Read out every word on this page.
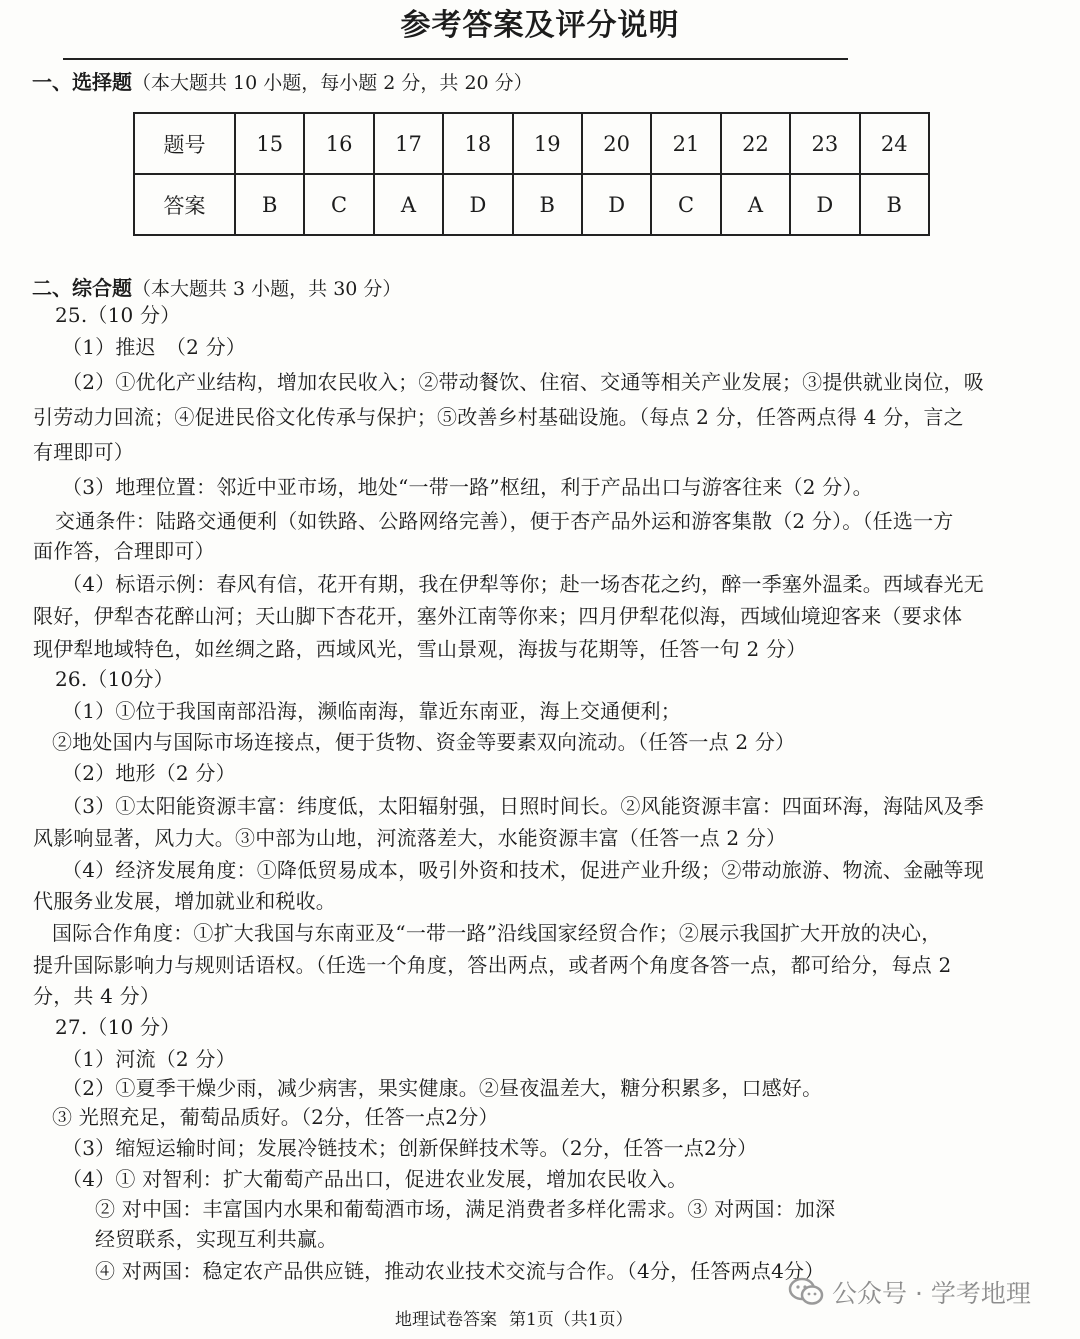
参考答案及评分说明
一、选择题（本大题共 10 小题，每小题 2 分，共 20 分）
题号	15	16	17	18	19	20	21	22	23	24
答案	B	C	A	D	B	D	C	A	D	B
二、综合题（本大题共 3 小题，共 30 分）
25.（10 分）
（1）推迟　（2 分）
（2）①优化产业结构，增加农民收入；②带动餐饮、住宿、交通等相关产业发展；③提供就业岗位，吸
引劳动力回流；④促进民俗文化传承与保护；⑤改善乡村基础设施。（每点 2 分，任答两点得 4 分，言之
有理即可）
（3）地理位置：邻近中亚市场，地处“一带一路”枢纽，利于产品出口与游客往来（2 分）。
交通条件：陆路交通便利（如铁路、公路网络完善），便于杏产品外运和游客集散（2 分）。（任选一方
面作答，合理即可）
（4）标语示例：春风有信，花开有期，我在伊犁等你；赴一场杏花之约，醉一季塞外温柔。西域春光无
限好，伊犁杏花醉山河；天山脚下杏花开，塞外江南等你来；四月伊犁花似海，西域仙境迎客来（要求体
现伊犁地域特色，如丝绸之路，西域风光，雪山景观，海拔与花期等，任答一句 2 分）
26.（10分）
（1）①位于我国南部沿海，濒临南海，靠近东南亚，海上交通便利；
②地处国内与国际市场连接点，便于货物、资金等要素双向流动。（任答一点 2 分）
（2）地形（2 分）
（3）①太阳能资源丰富：纬度低，太阳辐射强，日照时间长。②风能资源丰富：四面环海，海陆风及季
风影响显著，风力大。③中部为山地，河流落差大，水能资源丰富（任答一点 2 分）
（4）经济发展角度：①降低贸易成本，吸引外资和技术，促进产业升级；②带动旅游、物流、金融等现
代服务业发展，增加就业和税收。
国际合作角度：①扩大我国与东南亚及“一带一路”沿线国家经贸合作；②展示我国扩大开放的决心，
提升国际影响力与规则话语权。（任选一个角度，答出两点，或者两个角度各答一点，都可给分，每点 2
分，共 4 分）
27.（10 分）
（1）河流（2 分）
（2）①夏季干燥少雨，减少病害，果实健康。②昼夜温差大，糖分积累多，口感好。
③ 光照充足，葡萄品质好。（2分，任答一点2分）
（3）缩短运输时间；发展冷链技术；创新保鲜技术等。（2分，任答一点2分）
（4）① 对智利：扩大葡萄产品出口，促进农业发展，增加农民收入。
② 对中国：丰富国内水果和葡萄酒市场，满足消费者多样化需求。③ 对两国：加深
经贸联系，实现互利共赢。
④ 对两国：稳定农产品供应链，推动农业技术交流与合作。（4分，任答两点4分）
地理试卷答案 第1页（共1页）
公众号 · 学考地理
